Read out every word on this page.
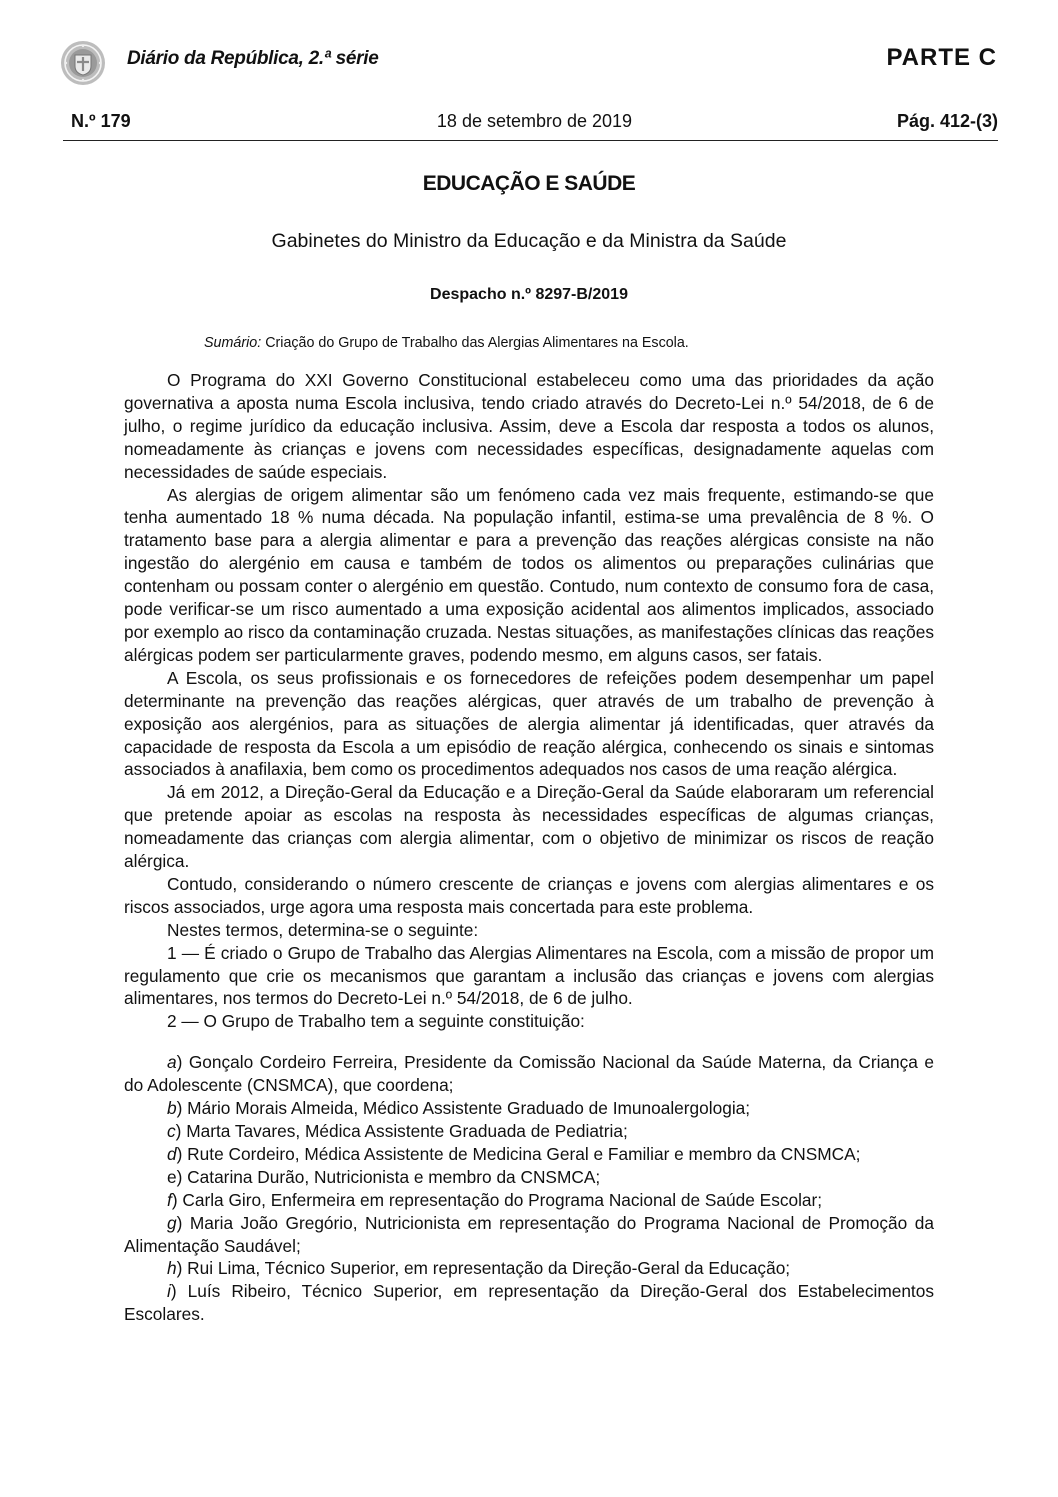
Diário da República, 2.ª série	PARTE C
N.º 179	18 de setembro de 2019	Pág. 412-(3)
EDUCAÇÃO E SAÚDE
Gabinetes do Ministro da Educação e da Ministra da Saúde
Despacho n.º 8297-B/2019
Sumário: Criação do Grupo de Trabalho das Alergias Alimentares na Escola.

O Programa do XXI Governo Constitucional estabeleceu como uma das prioridades da ação governativa a aposta numa Escola inclusiva, tendo criado através do Decreto-Lei n.º 54/2018, de 6 de julho, o regime jurídico da educação inclusiva. Assim, deve a Escola dar resposta a todos os alunos, nomeadamente às crianças e jovens com necessidades específicas, designadamente aquelas com necessidades de saúde especiais.

As alergias de origem alimentar são um fenómeno cada vez mais frequente, estimando-se que tenha aumentado 18 % numa década. Na população infantil, estima-se uma prevalência de 8 %. O tratamento base para a alergia alimentar e para a prevenção das reações alérgicas consiste na não ingestão do alergénio em causa e também de todos os alimentos ou preparações culinárias que contenham ou possam conter o alergénio em questão. Contudo, num contexto de consumo fora de casa, pode verificar-se um risco aumentado a uma exposição acidental aos alimentos implicados, associado por exemplo ao risco da contaminação cruzada. Nestas situações, as manifestações clínicas das reações alérgicas podem ser particularmente graves, podendo mesmo, em alguns casos, ser fatais.

A Escola, os seus profissionais e os fornecedores de refeições podem desempenhar um papel determinante na prevenção das reações alérgicas, quer através de um trabalho de prevenção à exposição aos alergénios, para as situações de alergia alimentar já identificadas, quer através da capacidade de resposta da Escola a um episódio de reação alérgica, conhecendo os sinais e sintomas associados à anafilaxia, bem como os procedimentos adequados nos casos de uma reação alérgica.

Já em 2012, a Direção-Geral da Educação e a Direção-Geral da Saúde elaboraram um referencial que pretende apoiar as escolas na resposta às necessidades específicas de algumas crianças, nomeadamente das crianças com alergia alimentar, com o objetivo de minimizar os riscos de reação alérgica.

Contudo, considerando o número crescente de crianças e jovens com alergias alimentares e os riscos associados, urge agora uma resposta mais concertada para este problema.

Nestes termos, determina-se o seguinte:

1 — É criado o Grupo de Trabalho das Alergias Alimentares na Escola, com a missão de propor um regulamento que crie os mecanismos que garantam a inclusão das crianças e jovens com alergias alimentares, nos termos do Decreto-Lei n.º 54/2018, de 6 de julho.

2 — O Grupo de Trabalho tem a seguinte constituição:

a) Gonçalo Cordeiro Ferreira, Presidente da Comissão Nacional da Saúde Materna, da Criança e do Adolescente (CNSMCA), que coordena;

b) Mário Morais Almeida, Médico Assistente Graduado de Imunoalergologia;

c) Marta Tavares, Médica Assistente Graduada de Pediatria;

d) Rute Cordeiro, Médica Assistente de Medicina Geral e Familiar e membro da CNSMCA;

e) Catarina Durão, Nutricionista e membro da CNSMCA;

f) Carla Giro, Enfermeira em representação do Programa Nacional de Saúde Escolar;

g) Maria João Gregório, Nutricionista em representação do Programa Nacional de Promoção da Alimentação Saudável;

h) Rui Lima, Técnico Superior, em representação da Direção-Geral da Educação;

i) Luís Ribeiro, Técnico Superior, em representação da Direção-Geral dos Estabelecimentos Escolares.
